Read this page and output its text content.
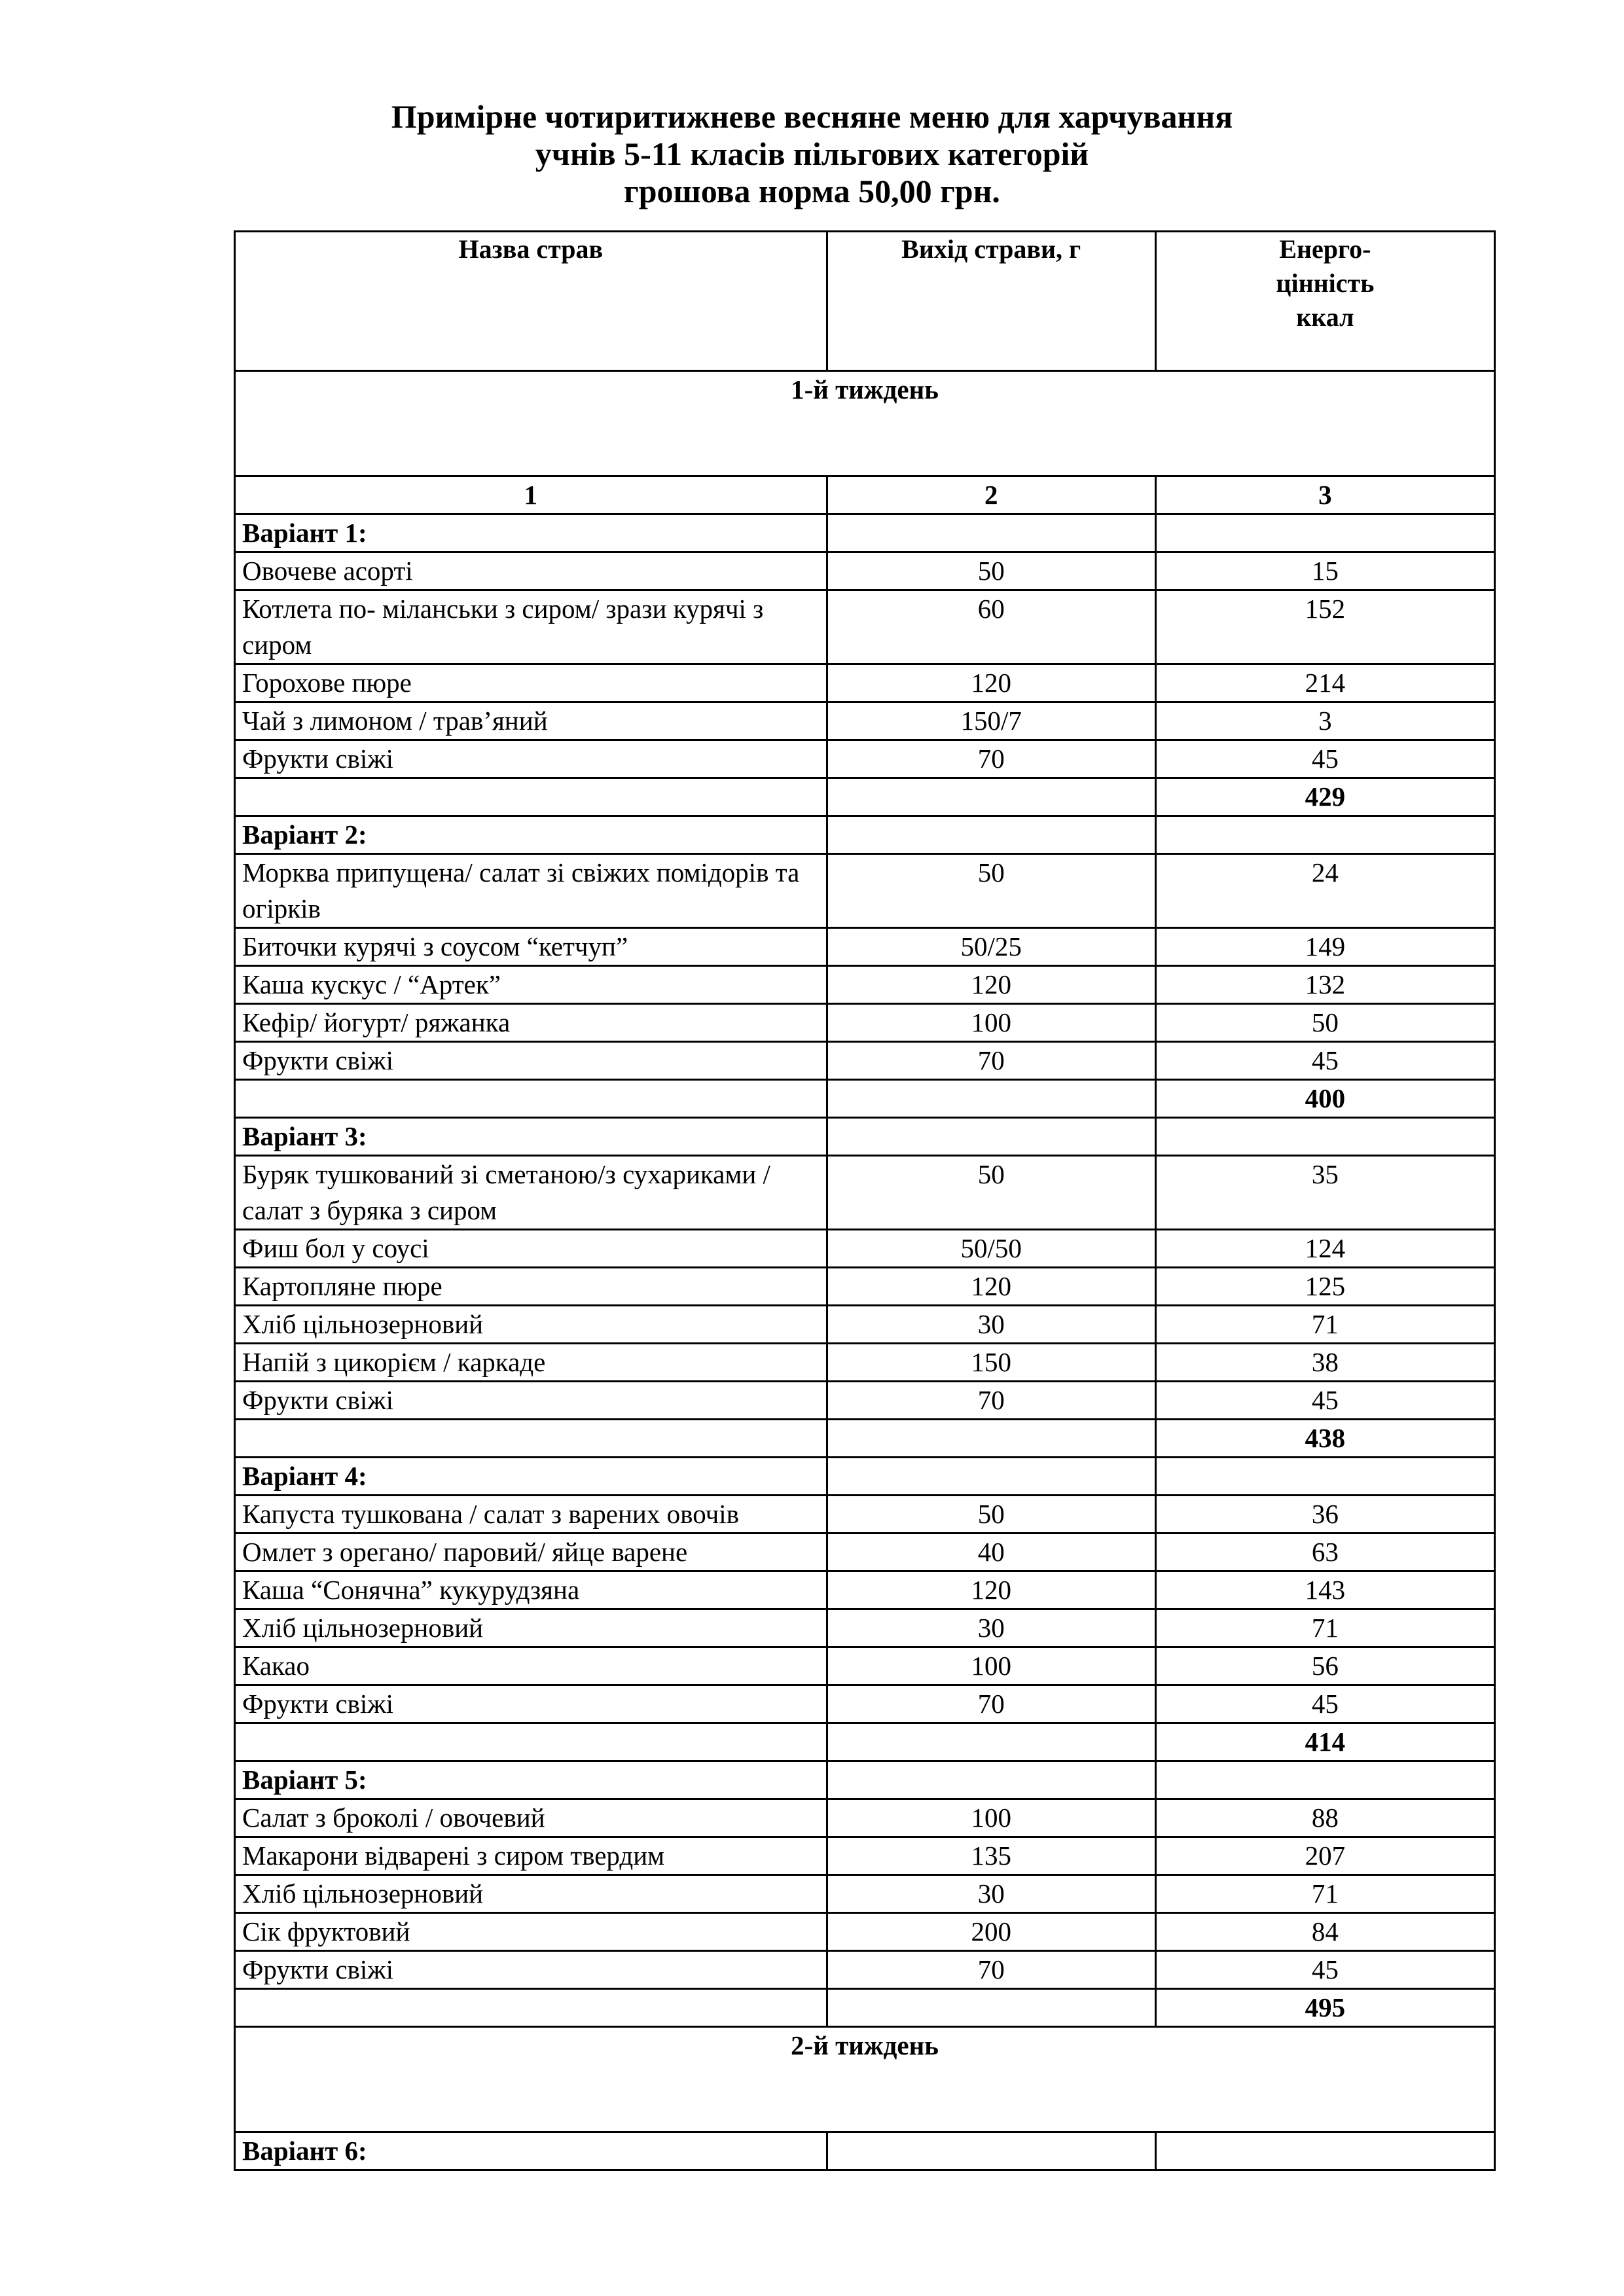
Примірне чотиритижневе весняне меню для харчування
учнів 5-11 класів пільгових категорій
грошова норма 50,00 грн.
Назва страв	Вихід страви, г	Енерго-
цінність
ккал

1-й тиждень		
1	2	3
Варіант 1:		
Овочеве асорті	50	15
Котлета по- міланськи з сиром/ зрази курячі з сиром	60	152
Горохове пюре	120	214
Чай з лимоном / трав’яний	150/7	3
Фрукти свіжі	70	45
		429
Варіант 2:		
Морква припущена/ салат зі свіжих помідорів та огірків	50	24
Биточки курячі з соусом “кетчуп”	50/25	149
Каша кускус / “Артек”	120	132
Кефір/ йогурт/ ряжанка	100	50
Фрукти свіжі	70	45
		400
Варіант 3:		
Буряк тушкований зі сметаною/з сухариками / салат з буряка з сиром	50	35
Фиш бол у соусі	50/50	124
Картопляне пюре	120	125
Хліб цільнозерновий	30	71
Напій з цикорієм / каркаде	150	38
Фрукти свіжі	70	45
		438
Варіант 4:		
Капуста тушкована / салат з варених овочів	50	36
Омлет з орегано/ паровий/ яйце варене	40	63
Каша “Сонячна” кукурудзяна	120	143
Хліб цільнозерновий	30	71
Какао	100	56
Фрукти свіжі	70	45
		414
Варіант 5:		
Салат з броколі / овочевий	100	88
Макарони відварені з сиром твердим	135	207
Хліб цільнозерновий	30	71
Сік фруктовий	200	84
Фрукти свіжі	70	45
		495
2-й тиждень		
Варіант 6:		
